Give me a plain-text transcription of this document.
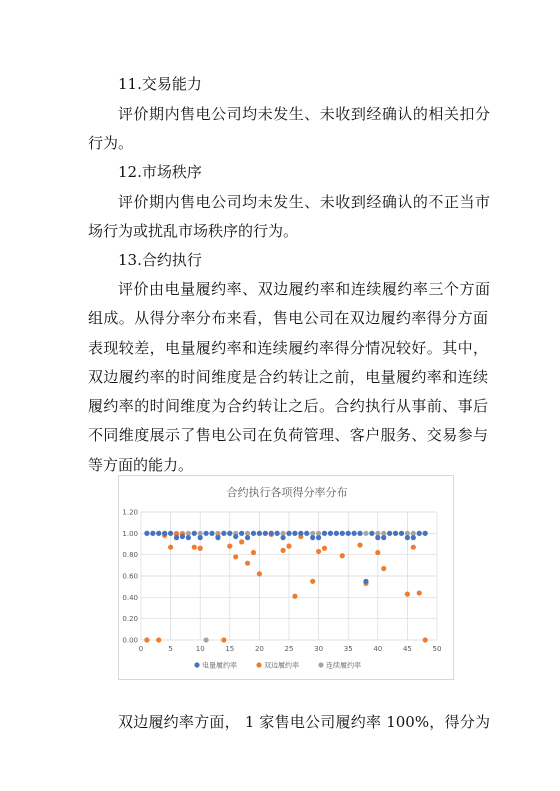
11.交易能力
评价期内售电公司均未发生、未收到经确认的相关扣分
行为。
12.市场秩序
评价期内售电公司均未发生、未收到经确认的不正当市
场行为或扰乱市场秩序的行为。
13.合约执行
评价由电量履约率、双边履约率和连续履约率三个方面
组成。从得分率分布来看，售电公司在双边履约率得分方面
表现较差，电量履约率和连续履约率得分情况较好。其中，
双边履约率的时间维度是合约转让之前，电量履约率和连续
履约率的时间维度为合约转让之后。合约执行从事前、事后
不同维度展示了售电公司在负荷管理、客户服务、交易参与
等方面的能力。
合约执行各项得分率分布
0.00
0.20
0.40
0.60
0.80
1.00
1.20
0	5	10	15	20	25	30	35	40	45	50
电量履约率	双边履约率	连续履约率
双边履约率方面， 1 家售电公司履约率 100%，得分为
